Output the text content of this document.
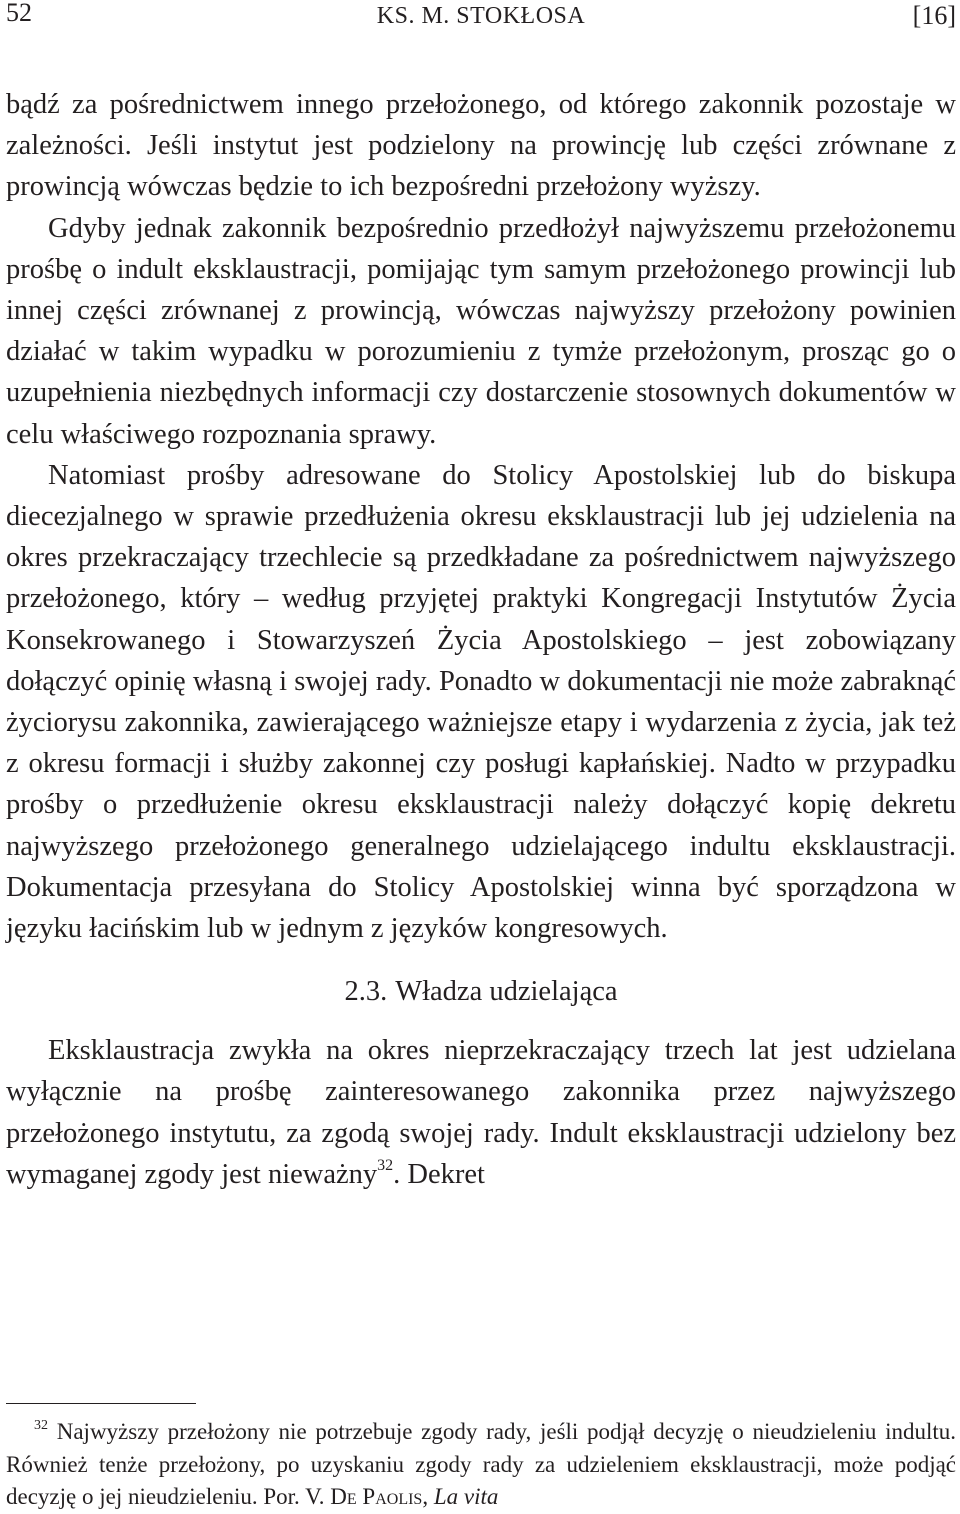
52	KS. M. STOKŁOSA	[16]

bądź za pośrednictwem innego przełożonego, od którego zakonnik pozostaje w zależności. Jeśli instytut jest podzielony na prowincję lub części zrównane z prowincją wówczas będzie to ich bezpośredni przełożony wyższy.

Gdyby jednak zakonnik bezpośrednio przedłożył najwyższemu przełożonemu prośbę o indult eksklaustracji, pomijając tym samym przełożonego prowincji lub innej części zrównanej z prowincją, wówczas najwyższy przełożony powinien działać w takim wypadku w porozumieniu z tymże przełożonym, prosząc go o uzupełnienia niezbędnych informacji czy dostarczenie stosownych dokumentów w celu właściwego rozpoznania sprawy.

Natomiast prośby adresowane do Stolicy Apostolskiej lub do biskupa diecezjalnego w sprawie przedłużenia okresu eksklaustracji lub jej udzielenia na okres przekraczający trzechlecie są przedkładane za pośrednictwem najwyższego przełożonego, który – według przyjętej praktyki Kongregacji Instytutów Życia Konsekrowanego i Stowarzyszeń Życia Apostolskiego – jest zobowiązany dołączyć opinię własną i swojej rady. Ponadto w dokumentacji nie może zabraknąć życiorysu zakonnika, zawierającego ważniejsze etapy i wydarzenia z życia, jak też z okresu formacji i służby zakonnej czy posługi kapłańskiej. Nadto w przypadku prośby o przedłużenie okresu eksklaustracji należy dołączyć kopię dekretu najwyższego przełożonego generalnego udzielającego indultu eksklaustracji. Dokumentacja przesyłana do Stolicy Apostolskiej winna być sporządzona w języku łacińskim lub w jednym z języków kongresowych.

2.3. Władza udzielająca

Eksklaustracja zwykła na okres nieprzekraczający trzech lat jest udzielana wyłącznie na prośbę zainteresowanego zakonnika przez najwyższego przełożonego instytutu, za zgodą swojej rady. Indult eksklaustracji udzielony bez wymaganej zgody jest nieważny$^{32}$. Dekret

$^{32}$ Najwyższy przełożony nie potrzebuje zgody rady, jeśli podjął decyzję o nieudzieleniu indultu. Również tenże przełożony, po uzyskaniu zgody rady za udzieleniem eksklaustracji, może podjąć decyzję o jej nieudzieleniu. Por. V. De Paolis, La vita
